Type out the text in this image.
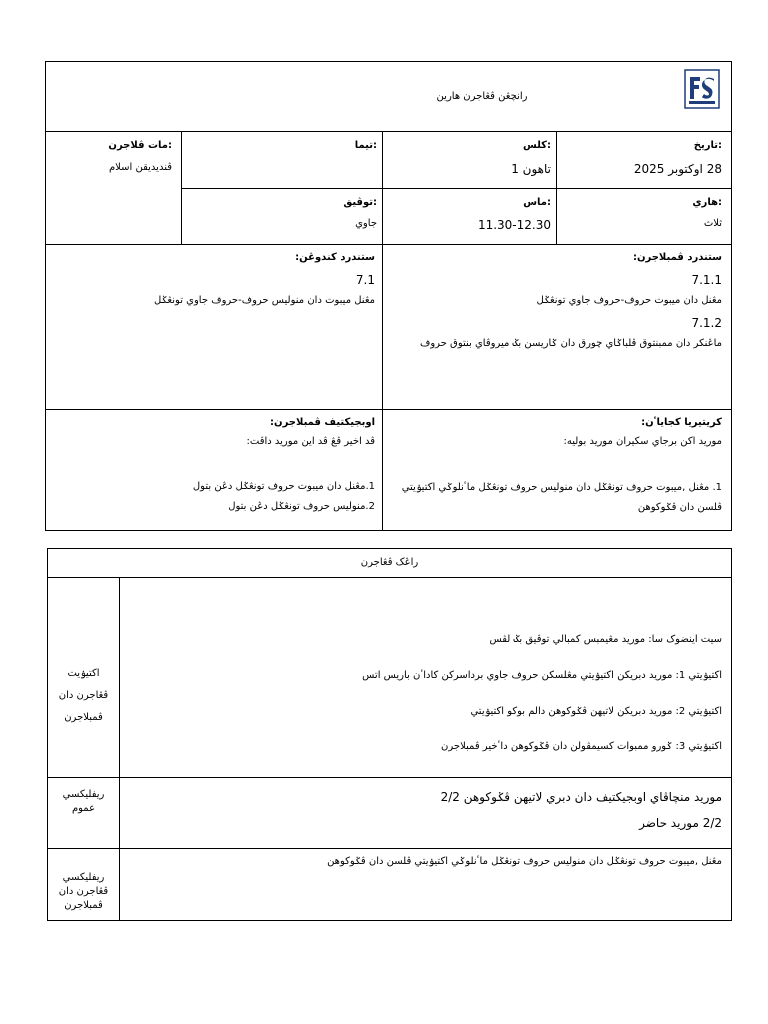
رانچڠن ڤڠاجرن هارين
:تاريخ
28 اوکتوبر 2025
:کلس
تاهون 1
:تيما
:مات ڤلاجرن
ڤنديديقن اسلام
:هاري
ثلاث
:ماس
11.30-12.30
:توڤيق
جاوي
ستندرد ڤمبلاجرن:
7.1.1
مڠنل دان ميبوت حروف-حروف جاوي تونڠݢل
7.1.2
ماڠنکر دان ممبنتوق ڤلباݢاي چورق دان ݢاريسن بݢ ميروڤاي بنتوق حروف
ستندرد کندوڠن:
7.1
مڠنل ميبوت دان منوليس حروف-حروف جاوي تونڠݢل
کريتيريا کجاياٴن:
موريد اکن برجاي سکيران موريد بوليه:
1. مڠنل ,ميبوت حروف تونڠݢل دان منوليس حروف تونڠݢل ماٴنلوݢي اکتيۏيتي
ڤلسن دان ڤݢوکوهن
اوبجيکتيف ڤمبلاجرن:
ڤد اخير ڤڠ ڤد اين موريد داڤت:
1.مڠنل دان ميبوت حروف تونڠݢل دڠن بتول
2.منوليس حروف تونڠݢل دڠن بتول
راڠک ڤڠاجرن
اکتيۏيت
ڤڠاجرن دان
ڤمبلاجرن
سيت اينضوک سا: موريد مڠيمبس کمبالي توڤيق بݢ لڤس
اکتيۏيتي 1: موريد دبريکن اکتيۏيتي مڠلسکن حروف جاوي برداسرکن کاداٴن باريس اتس
اکتيۏيتي 2: موريد دبريکن لاتيهن ڤݢوکوهن دالم بوکو اکتيۏيتي
اکتيۏيتي 3: ݢورو ممبوات کسيمڤولن دان ڤݢوکوهن داٴخير ڤمبلاجرن
ريفليکسي
عموم
موريد منچاڤاي اوبجيکتيف دان دبري لاتيهن ڤݢوکوهن 2/2
2/2 موريد حاضر
ريفليکسي
ڤڠاجرن دان
ڤمبلاجرن
مڠنل ,ميبوت حروف تونڠݢل دان منوليس حروف تونڠݢل ماٴنلوݢي اکتيۏيتي ڤلسن دان ڤݢوکوهن
